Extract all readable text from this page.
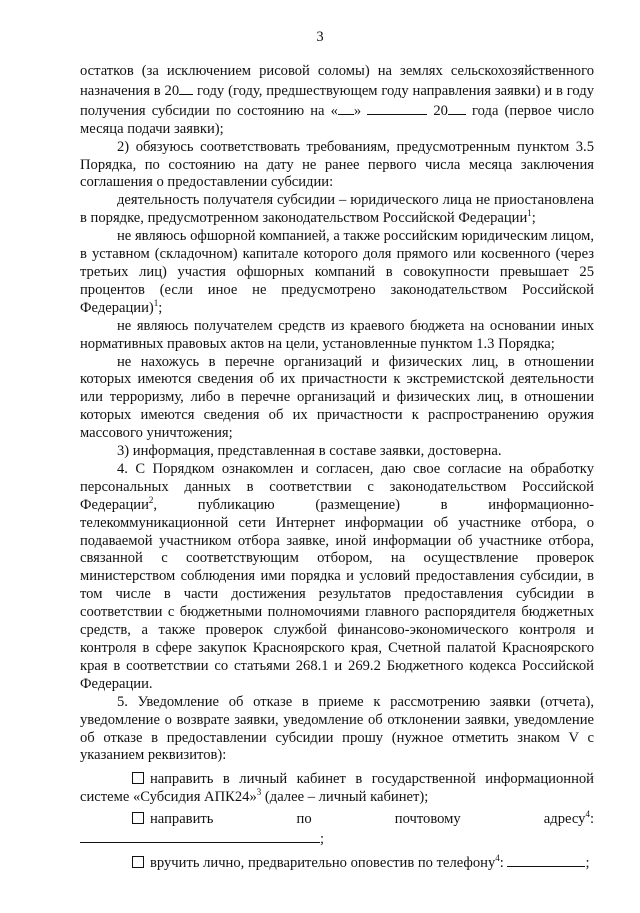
3

остатков (за исключением рисовой соломы) на землях сельскохозяйственного назначения в 20 году (году, предшествующем году направления заявки) и в году получения субсидии по состоянию на « »	20 года (первое число месяца подачи заявки);

2) обязуюсь соответствовать требованиям, предусмотренным пунктом 3.5 Порядка, по состоянию на дату не ранее первого числа месяца заключения соглашения о предоставлении субсидии:

деятельность получателя субсидии – юридического лица не приостановлена в порядке, предусмотренном законодательством Российской Федерации$^1$;

не являюсь офшорной компанией, а также российским юридическим лицом, в уставном (складочном) капитале которого доля прямого или косвенного (через третьих лиц) участия офшорных компаний в совокупности превышает 25 процентов (если иное не предусмотрено законодательством Российской Федерации)$^1$;

не являюсь получателем средств из краевого бюджета на основании иных нормативных правовых актов на цели, установленные пунктом 1.3 Порядка;

не нахожусь в перечне организаций и физических лиц, в отношении которых имеются сведения об их причастности к экстремистской деятельности или терроризму, либо в перечне организаций и физических лиц, в отношении которых имеются сведения об их причастности к распространению оружия массового уничтожения;

3) информация, представленная в составе заявки, достоверна.

4. С Порядком ознакомлен и согласен, даю свое согласие на обработку персональных данных в соответствии с законодательством Российской Федерации$^2$, публикацию (размещение) в информационно-телекоммуникационной сети Интернет информации об участнике отбора, о подаваемой участником отбора заявке, иной информации об участнике отбора, связанной с соответствующим отбором, на осуществление проверок министерством соблюдения ими порядка и условий предоставления субсидии, в том числе в части достижения результатов предоставления субсидии в соответствии с бюджетными полномочиями главного распорядителя бюджетных средств, а также проверок службой финансово-экономического контроля и контроля в сфере закупок Красноярского края, Счетной палатой Красноярского края в соответствии со статьями 268.1 и 269.2 Бюджетного кодекса Российской Федерации.

5. Уведомление об отказе в приеме к рассмотрению заявки (отчета), уведомление о возврате заявки, уведомление об отклонении заявки, уведомление об отказе в предоставлении субсидии прошу (нужное отметить знаком V с указанием реквизитов):

направить в личный кабинет в государственной информационной системе «Субсидия АПК24»$^3$ (далее – личный кабинет);

направить по почтовому адресу$^4$: ;

вручить лично, предварительно оповестив по телефону$^4$:	;
